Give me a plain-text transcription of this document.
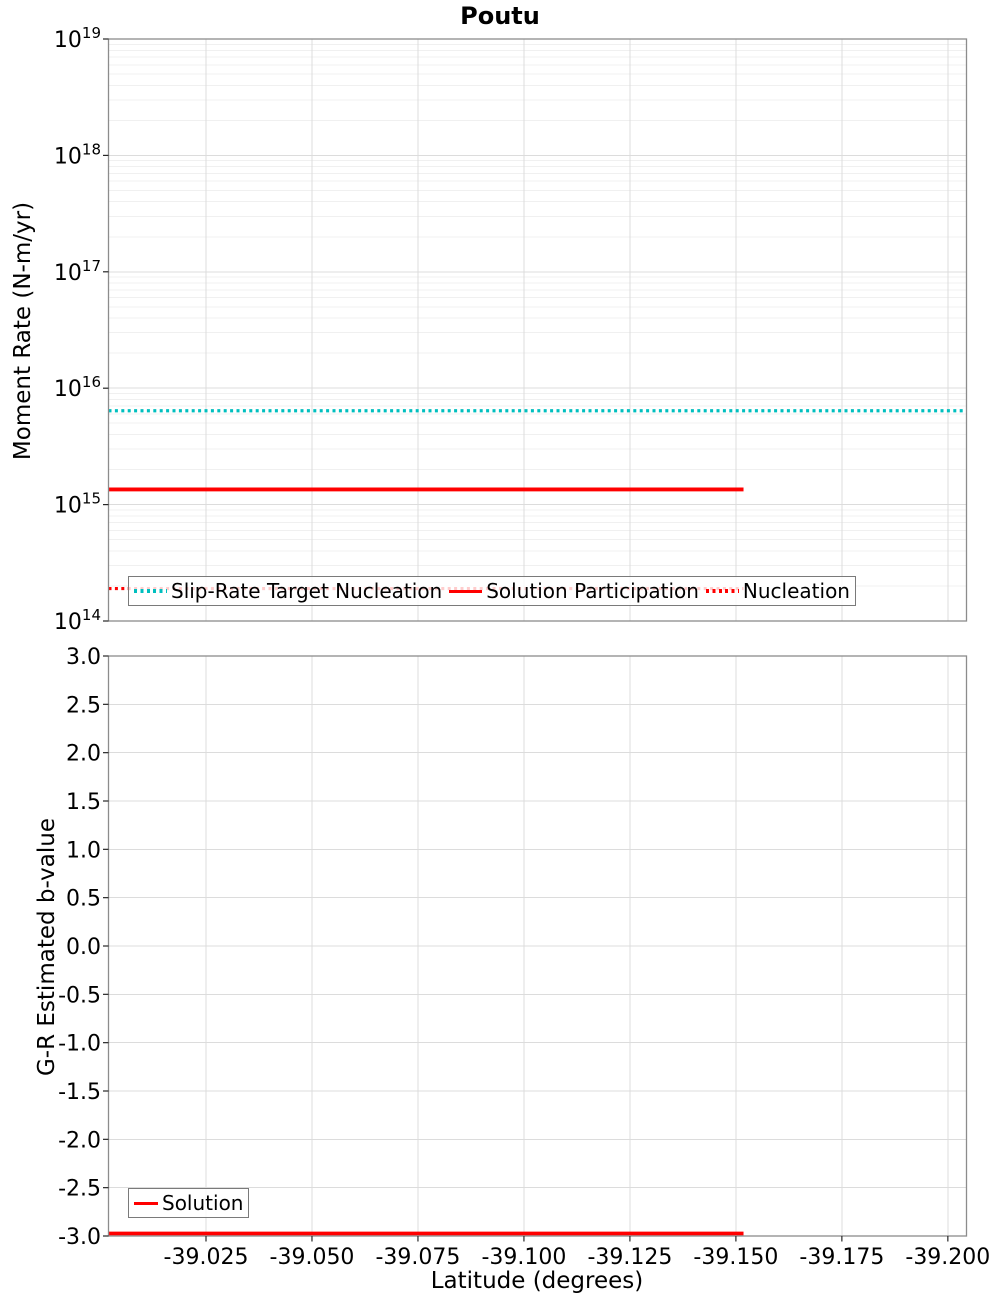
$10^{19}$
$10^{18}$
$10^{17}$
$10^{16}$
$10^{15}$
$10^{14}$
3.0
2.5
2.0
1.5
1.0
0.5
0.0
-0.5
-1.0
-1.5
-2.0
-2.5
-3.0
-39.025 -39.050 -39.075 -39.100 -39.125 -39.150 -39.175 -39.200
Poutu
Moment Rate (N-m/yr)
G-R Estimated b-value
Latitude (degrees)
Slip-Rate Target Nucleation Solution Participation Nucleation
Solution
